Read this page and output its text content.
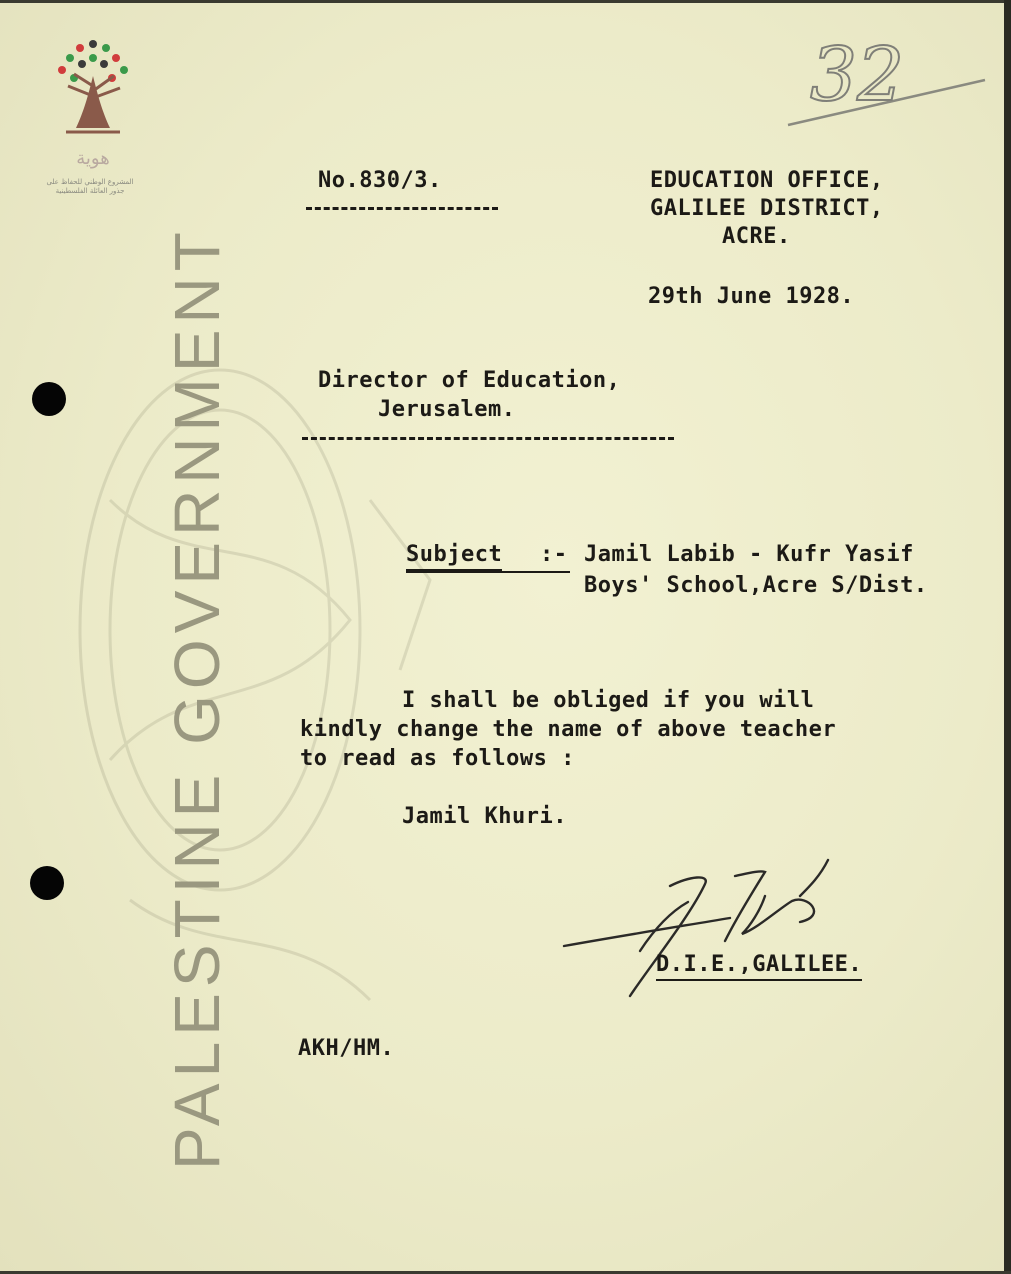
PALESTINE GOVERNMENT
هوية
المشروع الوطني للحفاظ على جذور العائلة الفلسطينية
32
No.830/3.	EDUCATION OFFICE,
GALILEE DISTRICT,
ACRE.
29th June 1928.
Director of Education,
Jerusalem.
Subject :- Jamil Labib - Kufr Yasif
Boys' School,Acre S/Dist.
I shall be obliged if you will
kindly change the name of above teacher
to read as follows :
Jamil Khuri.
D.I.E.,GALILEE.
AKH/HM.
